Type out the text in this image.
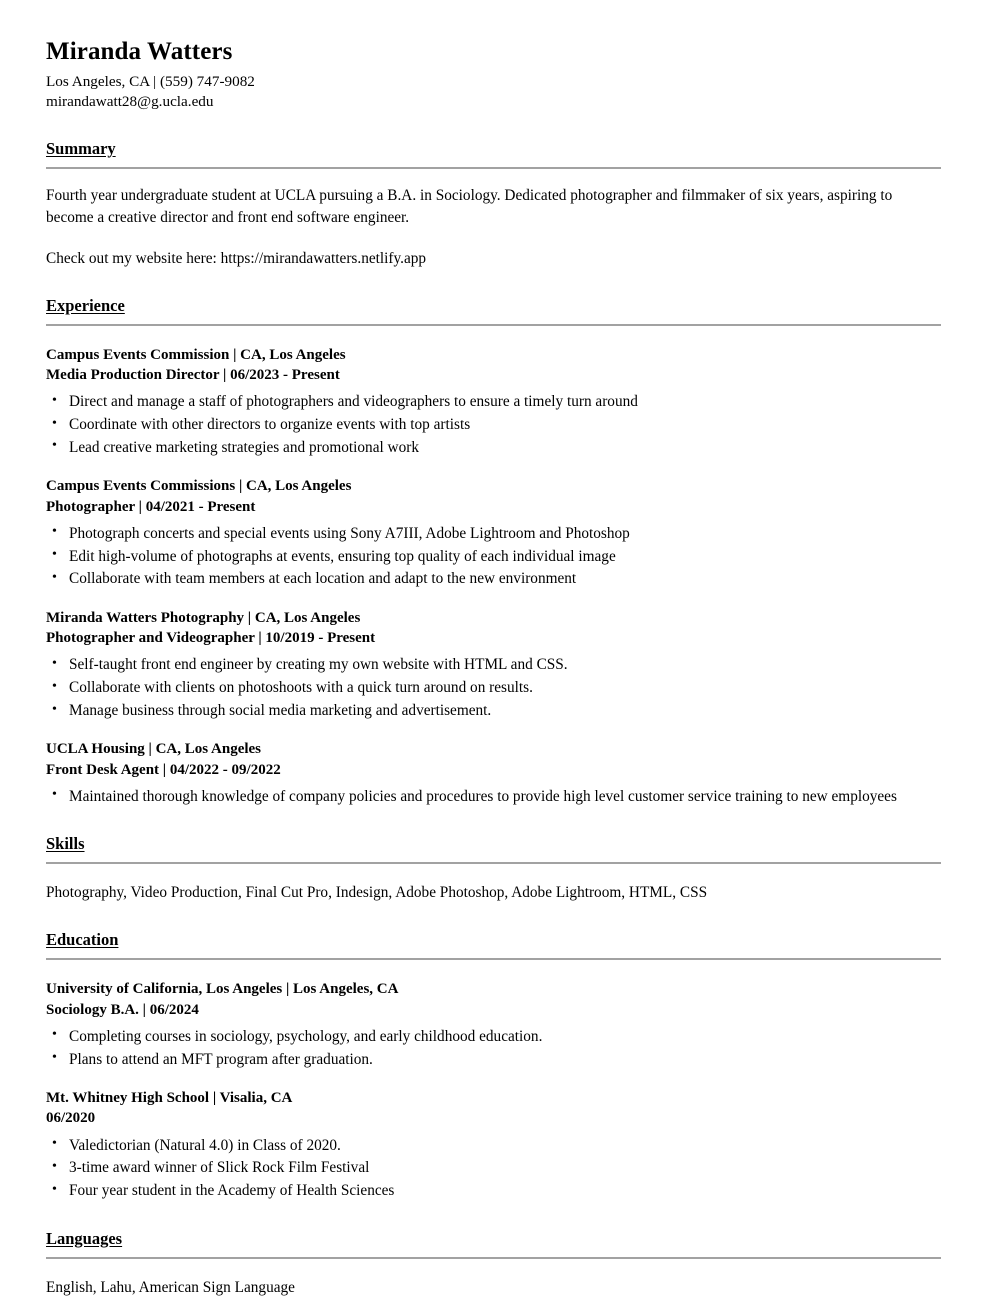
Miranda Watters

Los Angeles, CA | (559) 747-9082

mirandawatt28@g.ucla.edu

Summary

Fourth year undergraduate student at UCLA pursuing a B.A. in Sociology. Dedicated photographer and filmmaker of six years, aspiring to become a creative director and front end software engineer.

Check out my website here: https://mirandawatters.netlify.app

Experience

Campus Events Commission | CA, Los Angeles

Media Production Director | 06/2023 - Present

• Direct and manage a staff of photographers and videographers to ensure a timely turn around
• Coordinate with other directors to organize events with top artists
• Lead creative marketing strategies and promotional work

Campus Events Commissions | CA, Los Angeles

Photographer | 04/2021 - Present

• Photograph concerts and special events using Sony A7III, Adobe Lightroom and Photoshop
• Edit high-volume of photographs at events, ensuring top quality of each individual image
• Collaborate with team members at each location and adapt to the new environment

Miranda Watters Photography | CA, Los Angeles

Photographer and Videographer | 10/2019 - Present

• Self-taught front end engineer by creating my own website with HTML and CSS.
• Collaborate with clients on photoshoots with a quick turn around on results.
• Manage business through social media marketing and advertisement.

UCLA Housing | CA, Los Angeles

Front Desk Agent | 04/2022 - 09/2022

• Maintained thorough knowledge of company policies and procedures to provide high level customer service training to new employees
Skills

Photography, Video Production, Final Cut Pro, Indesign, Adobe Photoshop, Adobe Lightroom, HTML, CSS

Education

University of California, Los Angeles | Los Angeles, CA

Sociology B.A. | 06/2024

• Completing courses in sociology, psychology, and early childhood education.
• Plans to attend an MFT program after graduation.

Mt. Whitney High School | Visalia, CA

06/2020

• Valedictorian (Natural 4.0) in Class of 2020.
• 3-time award winner of Slick Rock Film Festival
• Four year student in the Academy of Health Sciences
Languages

English, Lahu, American Sign Language
